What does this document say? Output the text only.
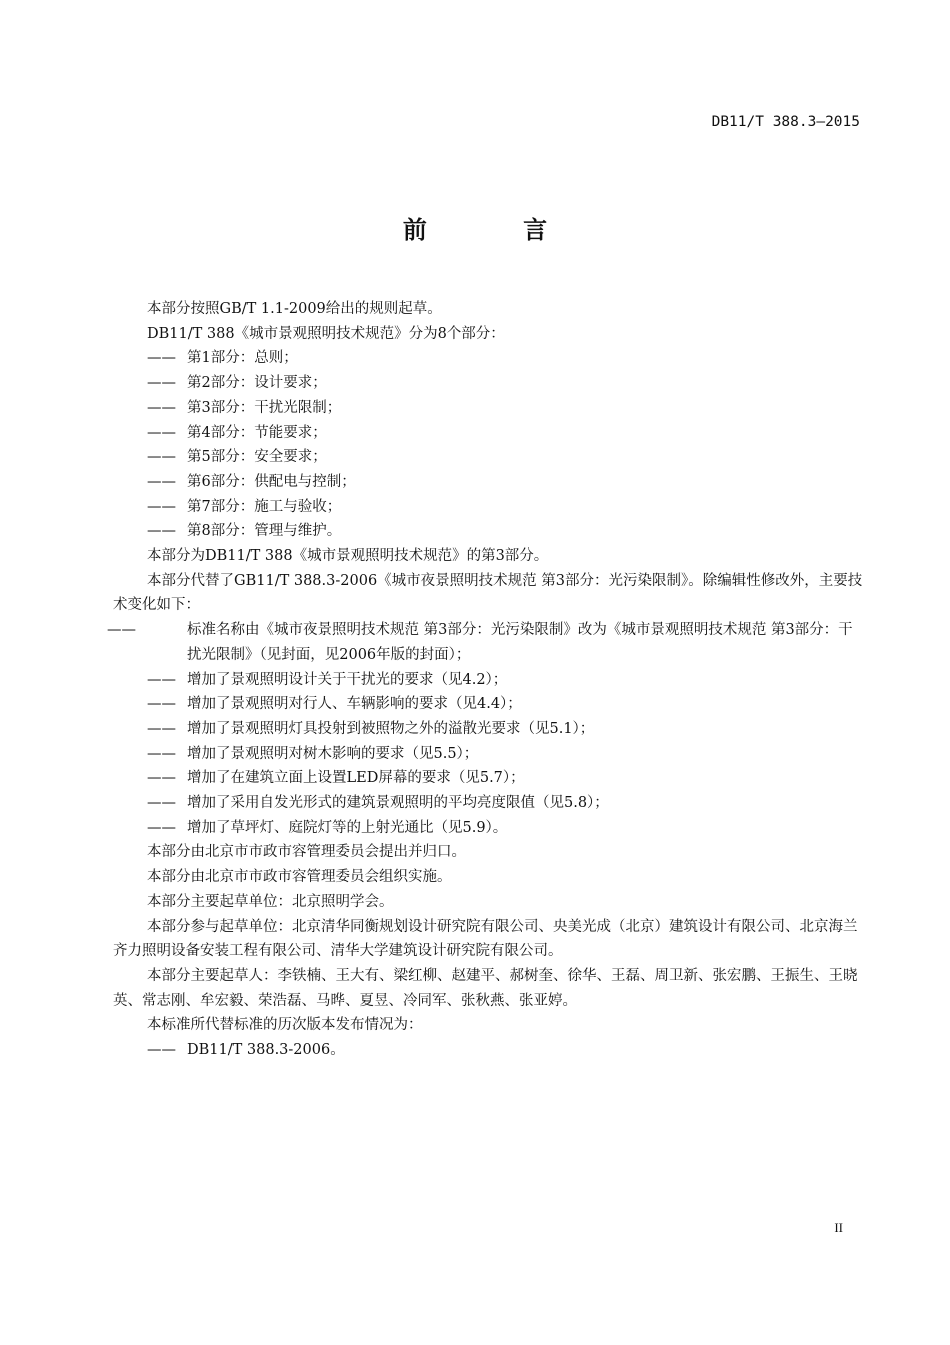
DB11/T 388.3—2015
前 言

本部分按照GB/T 1.1-2009给出的规则起草。

DB11/T 388《城市景观照明技术规范》分为8个部分：

—— 第1部分：总则；

—— 第2部分：设计要求；

—— 第3部分：干扰光限制；

—— 第4部分：节能要求；

—— 第5部分：安全要求；

—— 第6部分：供配电与控制；

—— 第7部分：施工与验收；

—— 第8部分：管理与维护。

本部分为DB11/T 388《城市景观照明技术规范》的第3部分。

本部分代替了GB11/T 388.3-2006《城市夜景照明技术规范 第3部分：光污染限制》。除编辑性修改外，主要技术变化如下：

——	标准名称由《城市夜景照明技术规范 第3部分：光污染限制》改为《城市景观照明技术规范 第3部分：干扰光限制》（见封面，见2006年版的封面）；

—— 增加了景观照明设计关于干扰光的要求（见4.2）；

—— 增加了景观照明对行人、车辆影响的要求（见4.4）；

—— 增加了景观照明灯具投射到被照物之外的溢散光要求（见5.1）；

—— 增加了景观照明对树木影响的要求（见5.5）；

—— 增加了在建筑立面上设置LED屏幕的要求（见5.7）；

—— 增加了采用自发光形式的建筑景观照明的平均亮度限值（见5.8）；

—— 增加了草坪灯、庭院灯等的上射光通比（见5.9）。

本部分由北京市市政市容管理委员会提出并归口。

本部分由北京市市政市容管理委员会组织实施。

本部分主要起草单位：北京照明学会。

本部分参与起草单位：北京清华同衡规划设计研究院有限公司、央美光成（北京）建筑设计有限公司、北京海兰齐力照明设备安装工程有限公司、清华大学建筑设计研究院有限公司。

本部分主要起草人：李铁楠、王大有、梁红柳、赵建平、郝树奎、徐华、王磊、周卫新、张宏鹏、王振生、王晓英、常志刚、牟宏毅、荣浩磊、马晔、夏昱、冷同军、张秋燕、张亚婷。

本标准所代替标准的历次版本发布情况为：

—— DB11/T 388.3-2006。

II
